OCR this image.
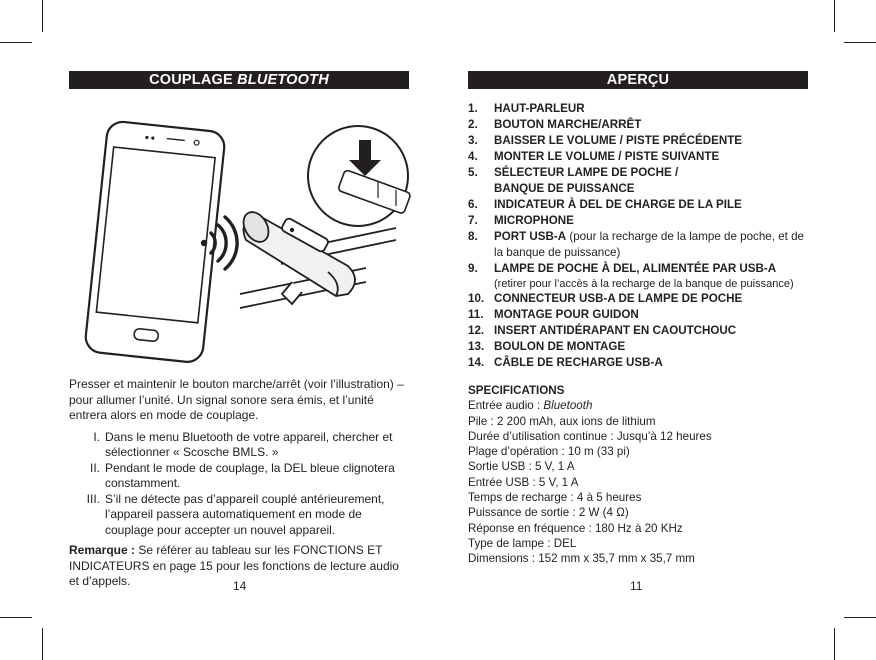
COUPLAGE BLUETOOTH

Presser et maintenir le bouton marche/arrêt (voir l’illustration) – pour allumer l’unité. Un signal sonore sera émis, et l’unité entrera alors en mode de couplage.

I. Dans le menu Bluetooth de votre appareil, chercher et sélectionner « Scosche BMLS. »
II. Pendant le mode de couplage, la DEL bleue clignotera constamment.
III. S’il ne détecte pas d’appareil couplé antérieurement, l’appareil passera automatiquement en mode de couplage pour accepter un nouvel appareil.

Remarque : Se référer au tableau sur les FONCTIONS ET INDICATEURS en page 15 pour les fonctions de lecture audio et d’appels.	14
APERÇU
1.	HAUT-PARLEUR
2.	BOUTON MARCHE/ARRÊT
3.	BAISSER LE VOLUME / PISTE PRÉCÉDENTE
4.	MONTER LE VOLUME / PISTE SUIVANTE
5.	SÉLECTEUR LAMPE DE POCHE /
BANQUE DE PUISSANCE
6.	INDICATEUR À DEL DE CHARGE DE LA PILE
7.	MICROPHONE
8.	PORT USB-A (pour la recharge de la lampe de poche, et de la banque de puissance)
9.	LAMPE DE POCHE À DEL, ALIMENTÉE PAR USB-A
(retirer pour l’accès à la recharge de la banque de puissance)
10. CONNECTEUR USB-A DE LAMPE DE POCHE
11. MONTAGE POUR GUIDON
12. INSERT ANTIDÉRAPANT EN CAOUTCHOUC
13. BOULON DE MONTAGE
14. CÂBLE DE RECHARGE USB-A
SPECIFICATIONS
Entrée audio : Bluetooth
Pile : 2 200 mAh, aux ions de lithium
Durée d’utilisation continue : Jusqu’à 12 heures
Plage d’opération : 10 m (33 pi)
Sortie USB : 5 V, 1 A
Entrée USB : 5 V, 1 A
Temps de recharge : 4 à 5 heures
Puissance de sortie : 2 W (4 Ω)
Réponse en fréquence : 180 Hz à 20 KHz
Type de lampe : DEL
Dimensions : 152 mm x 35,7 mm x 35,7 mm
11
